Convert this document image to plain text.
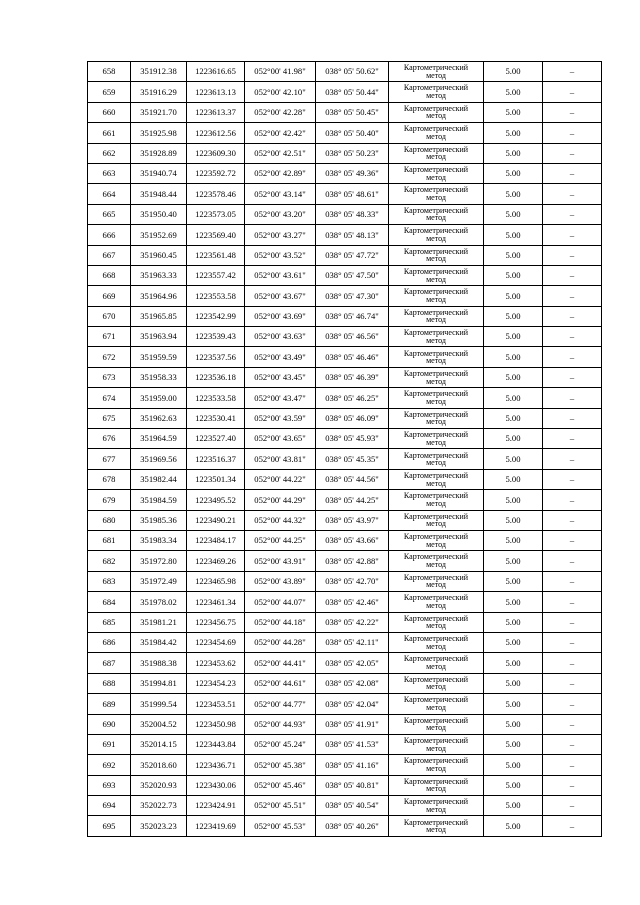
658	351912.38	1223616.65	052°00' 41.98"	038° 05' 50.62"	Картометрический
метод	5.00	–
659	351916.29	1223613.13	052°00' 42.10"	038° 05' 50.44"	Картометрический
метод	5.00	–
660	351921.70	1223613.37	052°00' 42.28"	038° 05' 50.45"	Картометрический
метод	5.00	–
661	351925.98	1223612.56	052°00' 42.42"	038° 05' 50.40"	Картометрический
метод	5.00	–
662	351928.89	1223609.30	052°00' 42.51"	038° 05' 50.23"	Картометрический
метод	5.00	–
663	351940.74	1223592.72	052°00' 42.89"	038° 05' 49.36"	Картометрический
метод	5.00	–
664	351948.44	1223578.46	052°00' 43.14"	038° 05' 48.61"	Картометрический
метод	5.00	–
665	351950.40	1223573.05	052°00' 43.20"	038° 05' 48.33"	Картометрический
метод	5.00	–
666	351952.69	1223569.40	052°00' 43.27"	038° 05' 48.13"	Картометрический
метод	5.00	–
667	351960.45	1223561.48	052°00' 43.52"	038° 05' 47.72"	Картометрический
метод	5.00	–
668	351963.33	1223557.42	052°00' 43.61"	038° 05' 47.50"	Картометрический
метод	5.00	–
669	351964.96	1223553.58	052°00' 43.67"	038° 05' 47.30"	Картометрический
метод	5.00	–
670	351965.85	1223542.99	052°00' 43.69"	038° 05' 46.74"	Картометрический
метод	5.00	–
671	351963.94	1223539.43	052°00' 43.63"	038° 05' 46.56"	Картометрический
метод	5.00	–
672	351959.59	1223537.56	052°00' 43.49"	038° 05' 46.46"	Картометрический
метод	5.00	–
673	351958.33	1223536.18	052°00' 43.45"	038° 05' 46.39"	Картометрический
метод	5.00	–
674	351959.00	1223533.58	052°00' 43.47"	038° 05' 46.25"	Картометрический
метод	5.00	–
675	351962.63	1223530.41	052°00' 43.59"	038° 05' 46.09"	Картометрический
метод	5.00	–
676	351964.59	1223527.40	052°00' 43.65"	038° 05' 45.93"	Картометрический
метод	5.00	–
677	351969.56	1223516.37	052°00' 43.81"	038° 05' 45.35"	Картометрический
метод	5.00	–
678	351982.44	1223501.34	052°00' 44.22"	038° 05' 44.56"	Картометрический
метод	5.00	–
679	351984.59	1223495.52	052°00' 44.29"	038° 05' 44.25"	Картометрический
метод	5.00	–
680	351985.36	1223490.21	052°00' 44.32"	038° 05' 43.97"	Картометрический
метод	5.00	–
681	351983.34	1223484.17	052°00' 44.25"	038° 05' 43.66"	Картометрический
метод	5.00	–
682	351972.80	1223469.26	052°00' 43.91"	038° 05' 42.88"	Картометрический
метод	5.00	–
683	351972.49	1223465.98	052°00' 43.89"	038° 05' 42.70"	Картометрический
метод	5.00	–
684	351978.02	1223461.34	052°00' 44.07"	038° 05' 42.46"	Картометрический
метод	5.00	–
685	351981.21	1223456.75	052°00' 44.18"	038° 05' 42.22"	Картометрический
метод	5.00	–
686	351984.42	1223454.69	052°00' 44.28"	038° 05' 42.11"	Картометрический
метод	5.00	–
687	351988.38	1223453.62	052°00' 44.41"	038° 05' 42.05"	Картометрический
метод	5.00	–
688	351994.81	1223454.23	052°00' 44.61"	038° 05' 42.08"	Картометрический
метод	5.00	–
689	351999.54	1223453.51	052°00' 44.77"	038° 05' 42.04"	Картометрический
метод	5.00	–
690	352004.52	1223450.98	052°00' 44.93"	038° 05' 41.91"	Картометрический
метод	5.00	–
691	352014.15	1223443.84	052°00' 45.24"	038° 05' 41.53"	Картометрический
метод	5.00	–
692	352018.60	1223436.71	052°00' 45.38"	038° 05' 41.16"	Картометрический
метод	5.00	–
693	352020.93	1223430.06	052°00' 45.46"	038° 05' 40.81"	Картометрический
метод	5.00	–
694	352022.73	1223424.91	052°00' 45.51"	038° 05' 40.54"	Картометрический
метод	5.00	–
695	352023.23	1223419.69	052°00' 45.53"	038° 05' 40.26"	Картометрический
метод	5.00	–
